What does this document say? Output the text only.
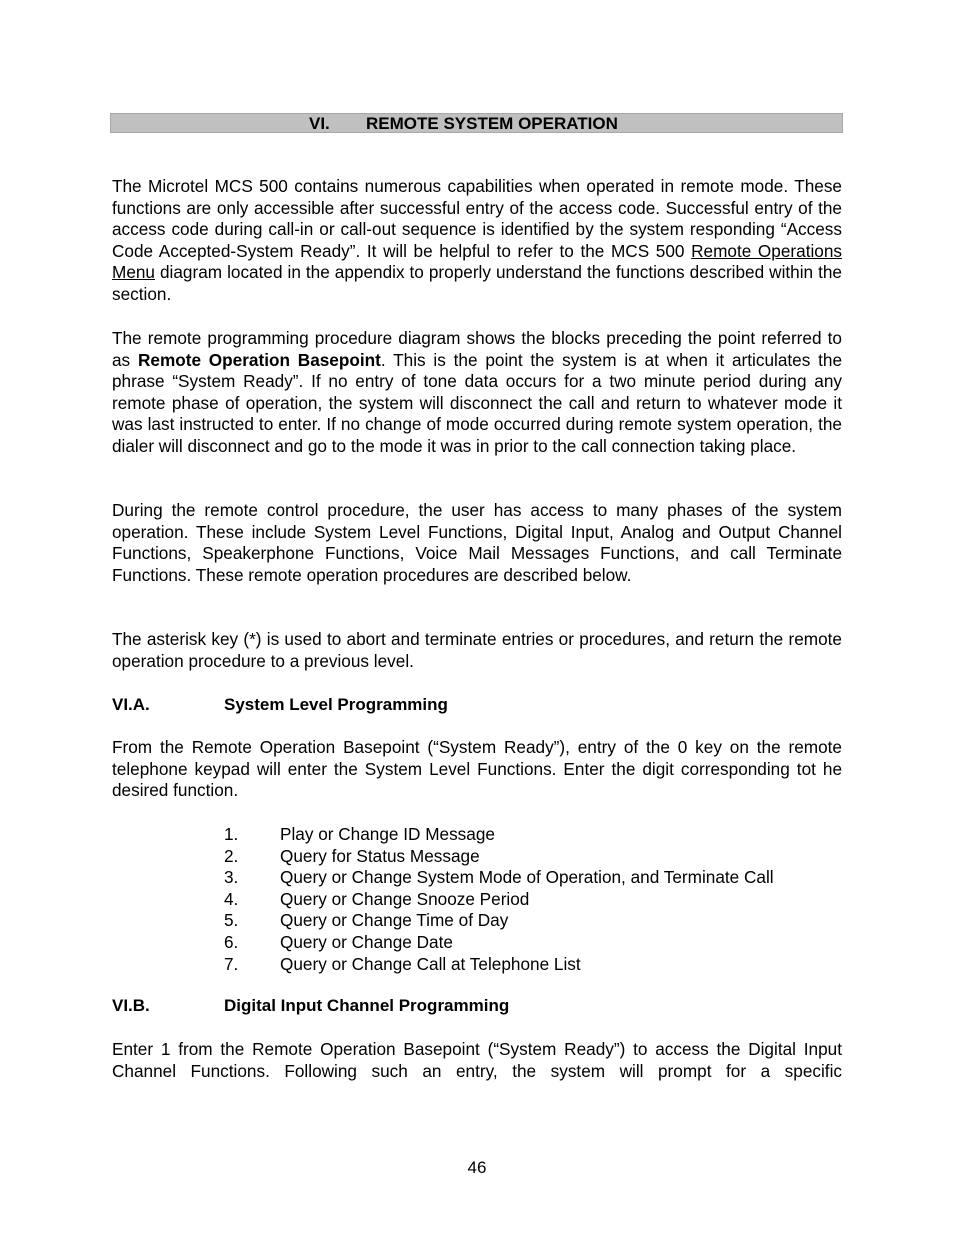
VI. REMOTE SYSTEM OPERATION

The Microtel MCS 500 contains numerous capabilities when operated in remote mode. These functions are only accessible after successful entry of the access code. Successful entry of the access code during call-in or call-out sequence is identified by the system responding “Access Code Accepted-System Ready”. It will be helpful to refer to the MCS 500 Remote Operations Menu diagram located in the appendix to properly understand the functions described within the section.

The remote programming procedure diagram shows the blocks preceding the point referred to as Remote Operation Basepoint. This is the point the system is at when it articulates the phrase “System Ready”. If no entry of tone data occurs for a two minute period during any remote phase of operation, the system will disconnect the call and return to whatever mode it was last instructed to enter. If no change of mode occurred during remote system operation, the dialer will disconnect and go to the mode it was in prior to the call connection taking place.

During the remote control procedure, the user has access to many phases of the system operation. These include System Level Functions, Digital Input, Analog and Output Channel Functions, Speakerphone Functions, Voice Mail Messages Functions, and call Terminate Functions. These remote operation procedures are described below.

The asterisk key (*) is used to abort and terminate entries or procedures, and return the remote operation procedure to a previous level.

VI.A.	System Level Programming

From the Remote Operation Basepoint (“System Ready”), entry of the 0 key on the remote telephone keypad will enter the System Level Functions. Enter the digit corresponding tot he desired function.

1. Play or Change ID Message
2. Query for Status Message
3. Query or Change System Mode of Operation, and Terminate Call
4. Query or Change Snooze Period
5. Query or Change Time of Day
6. Query or Change Date
7. Query or Change Call at Telephone List
VI.B.	Digital Input Channel Programming

Enter 1 from the Remote Operation Basepoint (“System Ready”) to access the Digital Input Channel Functions. Following such an entry, the system will prompt for a specific

46
